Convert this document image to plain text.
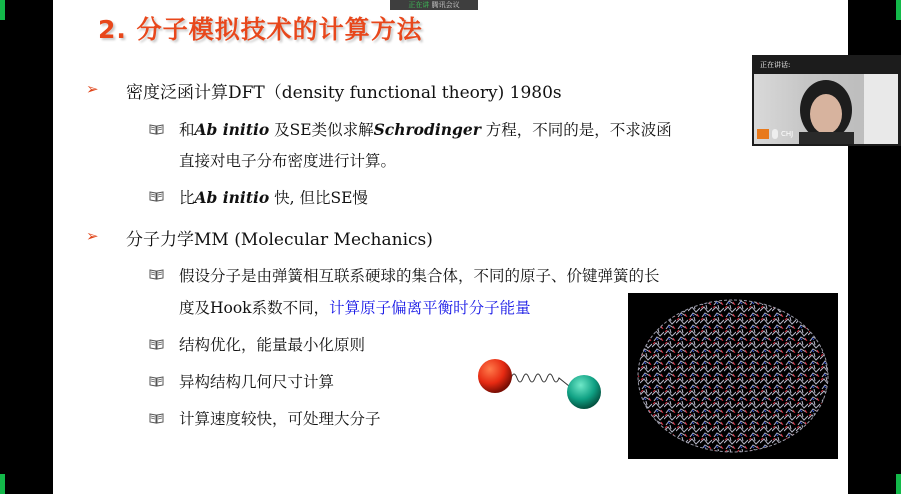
2. 分子模拟技术的计算方法
➢ 密度泛函计算DFT（density functional theory) 1980s
和Ab initio 及SE类似求解Schrodinger 方程，不同的是，不求波函
直接对电子分布密度进行计算。
比Ab initio 快, 但比SE慢
➢ 分子力学MM (Molecular Mechanics)
假设分子是由弹簧相互联系硬球的集合体，不同的原子、价键弹簧的长
度及Hook系数不同，计算原子偏离平衡时分子能量
结构优化，能量最小化原则
异构结构几何尺寸计算
计算速度较快，可处理大分子
正在讲 腾讯会议
正在讲话:
CHJ
